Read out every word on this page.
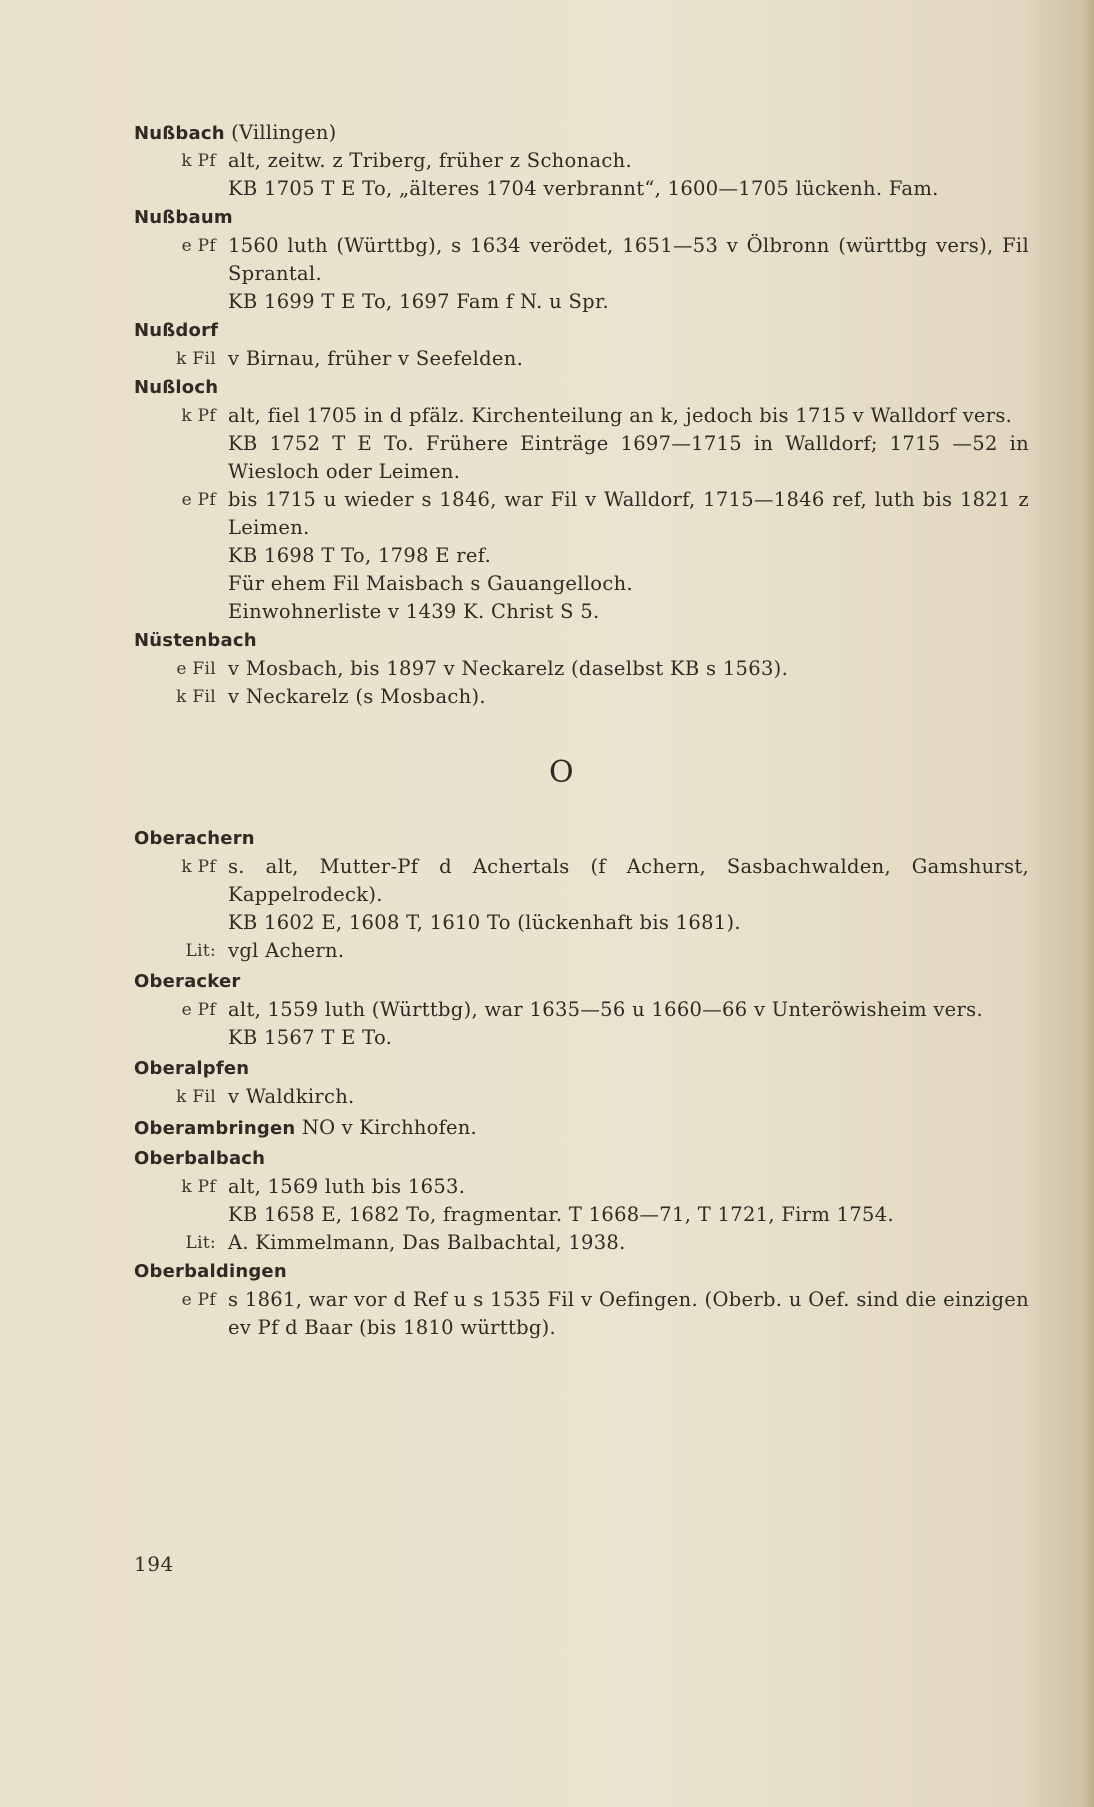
Nußbach (Villingen)
k Pf alt, zeitw. z Triberg, früher z Schonach.
KB 1705 T E To, „älteres 1704 verbrannt“, 1600—1705 lückenh. Fam.
Nußbaum
e Pf 1560 luth (Württbg), s 1634 verödet, 1651—53 v Ölbronn (württbg vers), Fil Sprantal.
KB 1699 T E To, 1697 Fam f N. u Spr.
Nußdorf
k Fil v Birnau, früher v Seefelden.
Nußloch
k Pf alt, fiel 1705 in d pfälz. Kirchenteilung an k, jedoch bis 1715 v Walldorf vers.
KB 1752 T E To. Frühere Einträge 1697—1715 in Walldorf; 1715 —52 in Wiesloch oder Leimen.
e Pf bis 1715 u wieder s 1846, war Fil v Walldorf, 1715—1846 ref, luth bis 1821 z Leimen.
KB 1698 T To, 1798 E ref.
Für ehem Fil Maisbach s Gauangelloch.
Einwohnerliste v 1439 K. Christ S 5.
Nüstenbach
e Fil v Mosbach, bis 1897 v Neckarelz (daselbst KB s 1563).
k Fil v Neckarelz (s Mosbach).
O
Oberachern
k Pf s. alt, Mutter-Pf d Achertals (f Achern, Sasbachwalden, Gamshurst, Kappelrodeck).
KB 1602 E, 1608 T, 1610 To (lückenhaft bis 1681).
Lit: vgl Achern.
Oberacker
e Pf alt, 1559 luth (Württbg), war 1635—56 u 1660—66 v Unteröwisheim vers.
KB 1567 T E To.
Oberalpfen
k Fil v Waldkirch.
Oberambringen NO v Kirchhofen.
Oberbalbach
k Pf alt, 1569 luth bis 1653.
KB 1658 E, 1682 To, fragmentar. T 1668—71, T 1721, Firm 1754.
Lit: A. Kimmelmann, Das Balbachtal, 1938.
Oberbaldingen
e Pf s 1861, war vor d Ref u s 1535 Fil v Oefingen. (Oberb. u Oef. sind die einzigen ev Pf d Baar (bis 1810 württbg).
194
